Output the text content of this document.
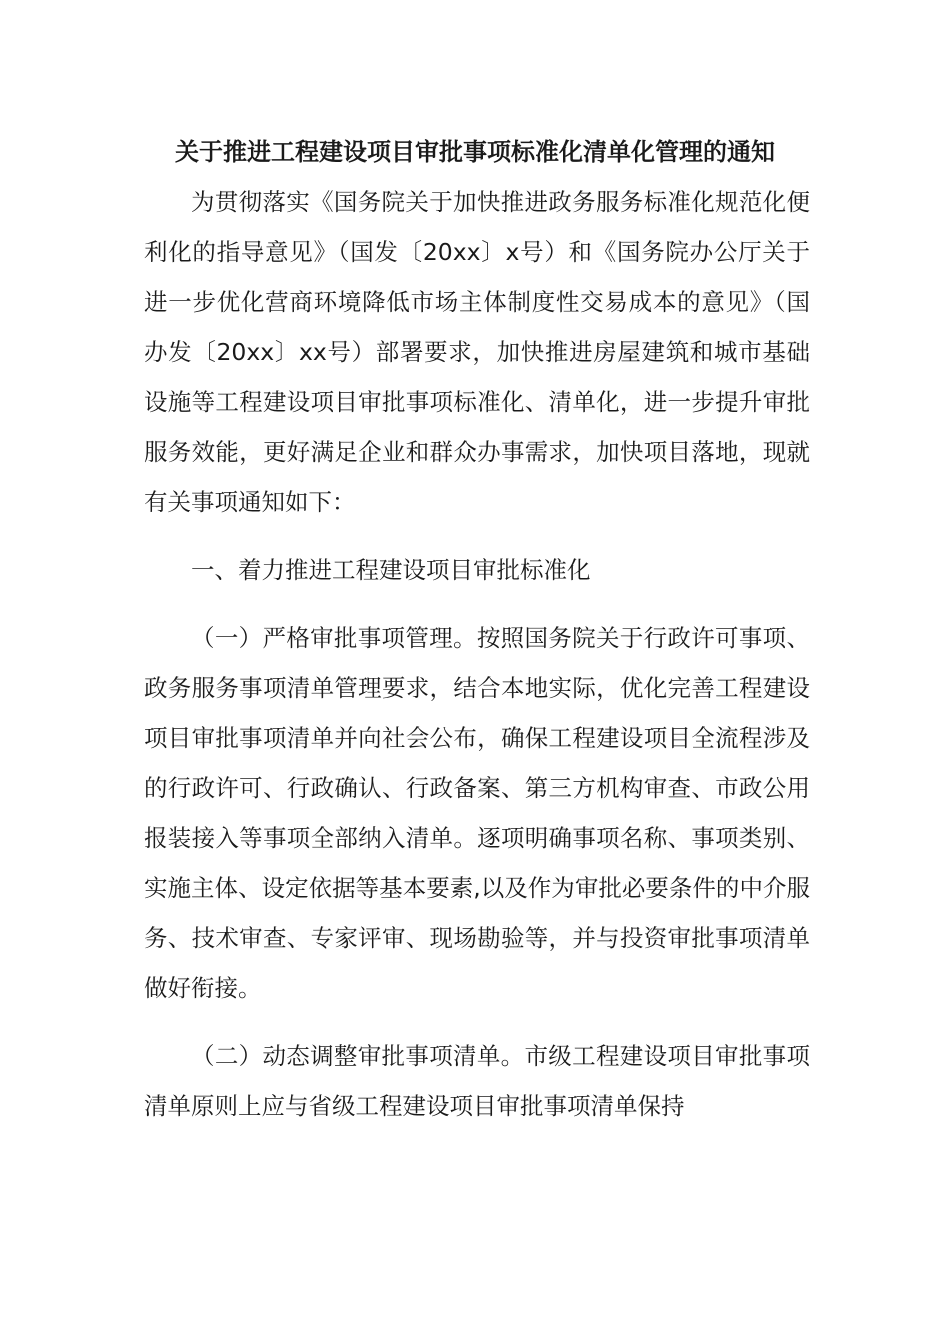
关于推进工程建设项目审批事项标准化清单化管理的通知

为贯彻落实《国务院关于加快推进政务服务标准化规范化便利化的指导意见》（国发〔20xx〕x号）和《国务院办公厅关于进一步优化营商环境降低市场主体制度性交易成本的意见》（国办发〔20xx〕xx号）部署要求，加快推进房屋建筑和城市基础设施等工程建设项目审批事项标准化、清单化，进一步提升审批服务效能，更好满足企业和群众办事需求，加快项目落地，现就有关事项通知如下：

一、着力推进工程建设项目审批标准化

（一）严格审批事项管理。按照国务院关于行政许可事项、政务服务事项清单管理要求，结合本地实际，优化完善工程建设项目审批事项清单并向社会公布，确保工程建设项目全流程涉及的行政许可、行政确认、行政备案、第三方机构审查、市政公用报装接入等事项全部纳入清单。逐项明确事项名称、事项类别、实施主体、设定依据等基本要素,以及作为审批必要条件的中介服务、技术审查、专家评审、现场勘验等，并与投资审批事项清单做好衔接。

（二）动态调整审批事项清单。市级工程建设项目审批事项清单原则上应与省级工程建设项目审批事项清单保持
